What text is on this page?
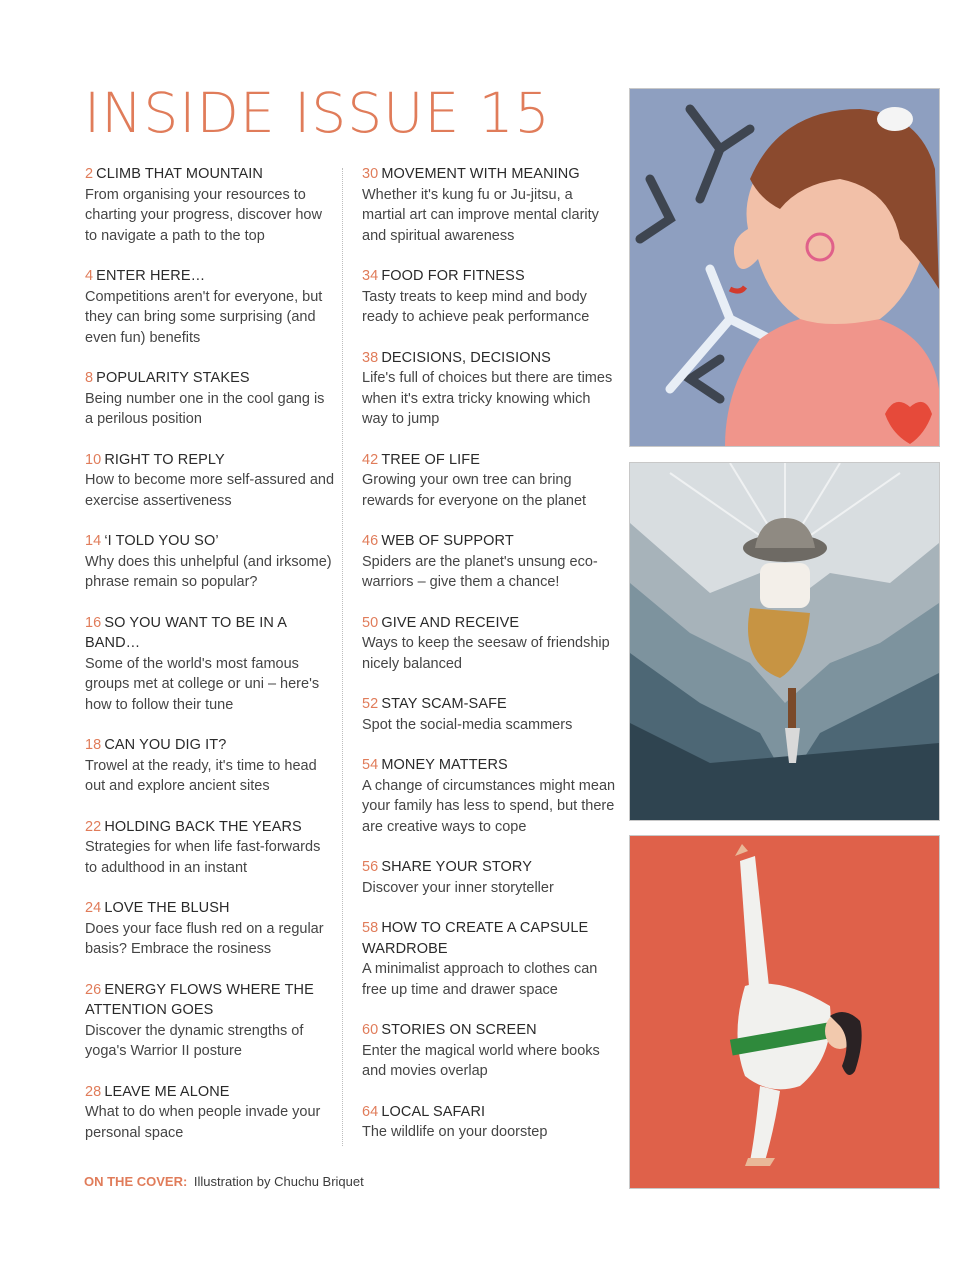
INSIDE ISSUE 15
2 CLIMB THAT MOUNTAIN
From organising your resources to charting your progress, discover how to navigate a path to the top
4 ENTER HERE…
Competitions aren't for everyone, but they can bring some surprising (and even fun) benefits
8 POPULARITY STAKES
Being number one in the cool gang is a perilous position
10 RIGHT TO REPLY
How to become more self-assured and exercise assertiveness
14 ‘I TOLD YOU SO’
Why does this unhelpful (and irksome) phrase remain so popular?
16 SO YOU WANT TO BE IN A BAND…
Some of the world's most famous groups met at college or uni – here's how to follow their tune
18 CAN YOU DIG IT?
Trowel at the ready, it's time to head out and explore ancient sites
22 HOLDING BACK THE YEARS
Strategies for when life fast-forwards to adulthood in an instant
24 LOVE THE BLUSH
Does your face flush red on a regular basis? Embrace the rosiness
26 ENERGY FLOWS WHERE THE ATTENTION GOES
Discover the dynamic strengths of yoga's Warrior II posture
28 LEAVE ME ALONE
What to do when people invade your personal space
30 MOVEMENT WITH MEANING
Whether it's kung fu or Ju-jitsu, a martial art can improve mental clarity and spiritual awareness
34 FOOD FOR FITNESS
Tasty treats to keep mind and body ready to achieve peak performance
38 DECISIONS, DECISIONS
Life's full of choices but there are times when it's extra tricky knowing which way to jump
42 TREE OF LIFE
Growing your own tree can bring rewards for everyone on the planet
46 WEB OF SUPPORT
Spiders are the planet's unsung eco-warriors – give them a chance!
50 GIVE AND RECEIVE
Ways to keep the seesaw of friendship nicely balanced
52 STAY SCAM-SAFE
Spot the social-media scammers
54 MONEY MATTERS
A change of circumstances might mean your family has less to spend, but there are creative ways to cope
56 SHARE YOUR STORY
Discover your inner storyteller
58 HOW TO CREATE A CAPSULE WARDROBE
A minimalist approach to clothes can free up time and drawer space
60 STORIES ON SCREEN
Enter the magical world where books and movies overlap
64 LOCAL SAFARI
The wildlife on your doorstep
ON THE COVER: Illustration by Chuchu Briquet
